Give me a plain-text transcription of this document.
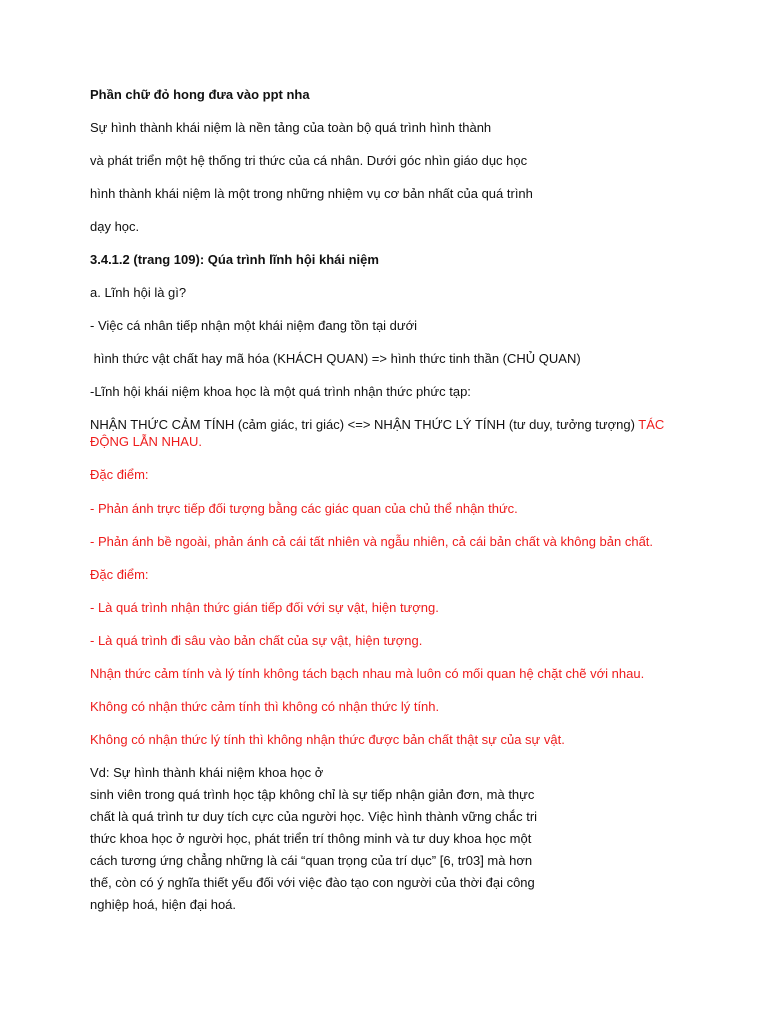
Phần chữ đỏ hong đưa vào ppt nha

Sự hình thành khái niệm là nền tảng của toàn bộ quá trình hình thành

và phát triển một hệ thống tri thức của cá nhân. Dưới góc nhìn giáo dục học

hình thành khái niệm là một trong những nhiệm vụ cơ bản nhất của quá trình

dạy học.

3.4.1.2 (trang 109): Qúa trình lĩnh hội khái niệm

a. Lĩnh hội là gì?

- Việc cá nhân tiếp nhận một khái niệm đang tồn tại dưới

hình thức vật chất hay mã hóa (KHÁCH QUAN) => hình thức tinh thần (CHỦ QUAN)

-Lĩnh hội khái niệm khoa học là một quá trình nhận thức phức tạp:

NHẬN THỨC CẢM TÍNH (cảm giác, tri giác) <=> NHẬN THỨC LÝ TÍNH (tư duy, tưởng tượng) TÁC ĐỘNG LẪN NHAU.

Đặc điểm:

- Phản ánh trực tiếp đối tượng bằng các giác quan của chủ thể nhận thức.

- Phản ánh bề ngoài, phản ánh cả cái tất nhiên và ngẫu nhiên, cả cái bản chất và không bản chất.

Đặc điểm:

- Là quá trình nhận thức gián tiếp đối với sự vật, hiện tượng.

- Là quá trình đi sâu vào bản chất của sự vật, hiện tượng.

Nhận thức cảm tính và lý tính không tách bạch nhau mà luôn có mối quan hệ chặt chẽ với nhau.

Không có nhận thức cảm tính thì không có nhận thức lý tính.

Không có nhận thức lý tính thì không nhận thức được bản chất thật sự của sự vật.

Vd: Sự hình thành khái niệm khoa học ở

sinh viên trong quá trình học tập không chỉ là sự tiếp nhận giản đơn, mà thực

chất là quá trình tư duy tích cực của người học. Việc hình thành vững chắc tri

thức khoa học ở người học, phát triển trí thông minh và tư duy khoa học một

cách tương ứng chẳng những là cái “quan trọng của trí dục” [6, tr03] mà hơn

thế, còn có ý nghĩa thiết yếu đối với việc đào tạo con người của thời đại công

nghiệp hoá, hiện đại hoá.
